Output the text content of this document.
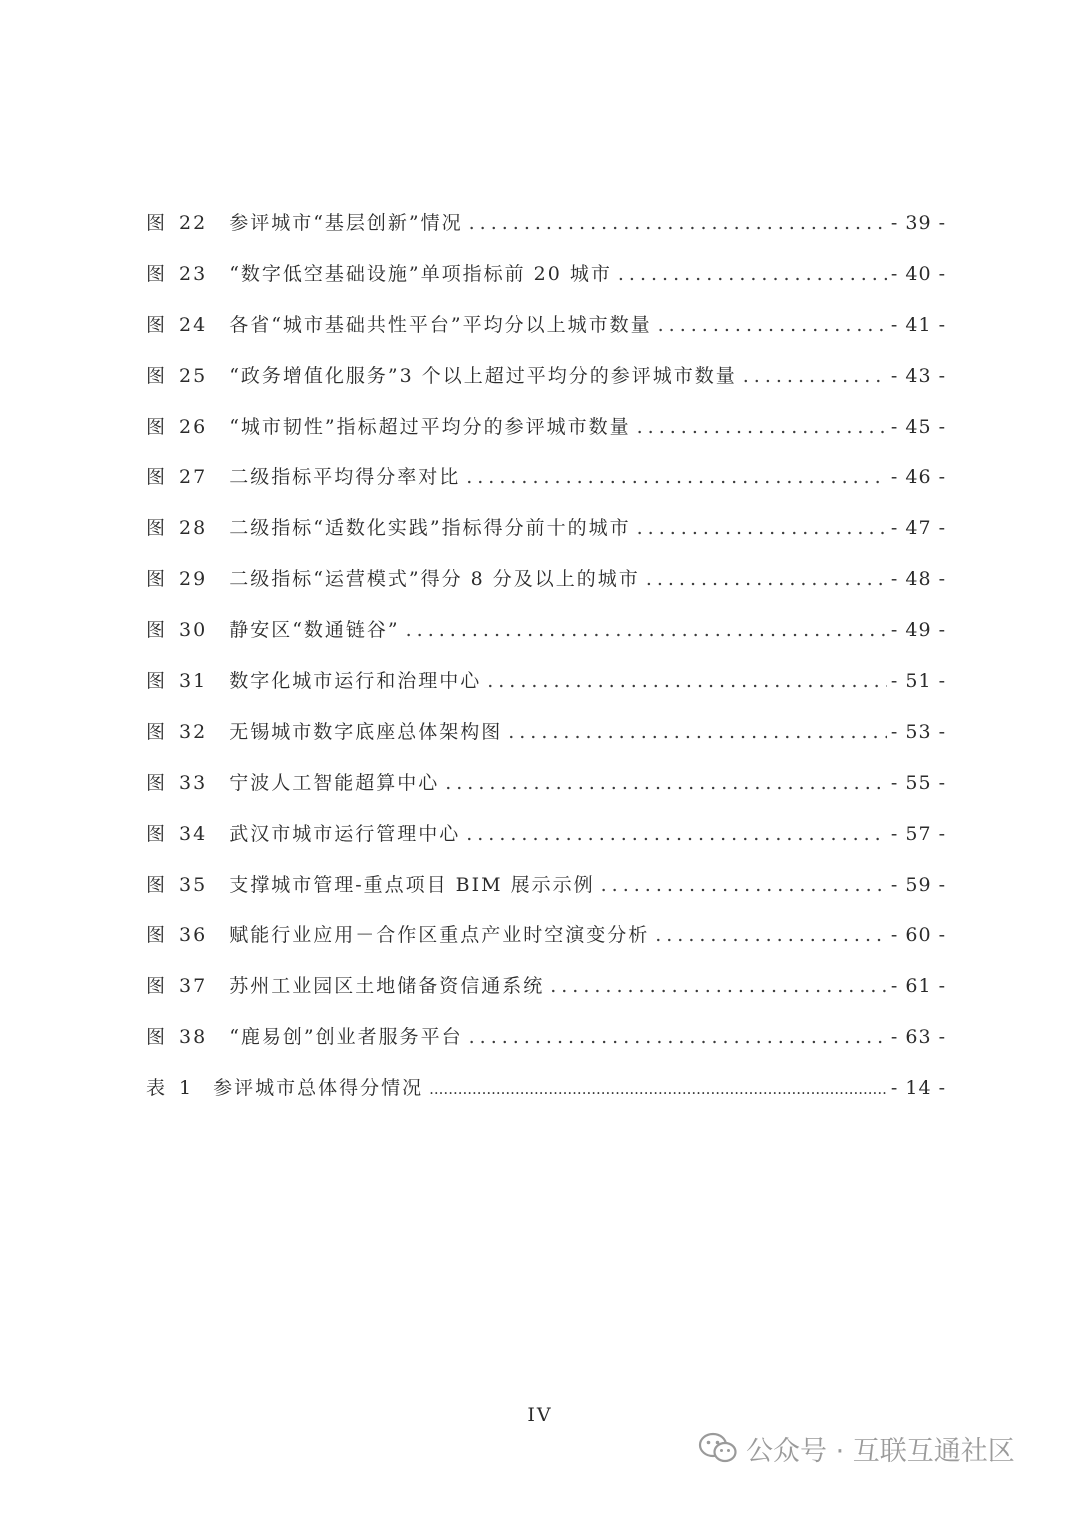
图 22 参评城市“基层创新”情况 .....	- 39 -
图 23 “数字低空基础设施”单项指标前 20 城市 .....	- 40 -
图 24 各省“城市基础共性平台”平均分以上城市数量 .....	- 41 -
图 25 “政务增值化服务”3 个以上超过平均分的参评城市数量 .....	- 43 -
图 26 “城市韧性”指标超过平均分的参评城市数量 .....	- 45 -
图 27 二级指标平均得分率对比 .....	- 46 -
图 28 二级指标“适数化实践”指标得分前十的城市 .....	- 47 -
图 29 二级指标“运营模式”得分 8 分及以上的城市 .....	- 48 -
图 30 静安区“数通链谷” .....	- 49 -
图 31 数字化城市运行和治理中心 .....	- 51 -
图 32 无锡城市数字底座总体架构图 .....	- 53 -
图 33 宁波人工智能超算中心 .....	- 55 -
图 34 武汉市城市运行管理中心 .....	- 57 -
图 35 支撑城市管理-重点项目 BIM 展示示例 .....	- 59 -
图 36 赋能行业应用－合作区重点产业时空演变分析 .....	- 60 -
图 37 苏州工业园区土地储备资信通系统 .....	- 61 -
图 38 “鹿易创”创业者服务平台 .....	- 63 -
表 1 参评城市总体得分情况 .....	- 14 -
IV
公众号 · 互联互通社区
